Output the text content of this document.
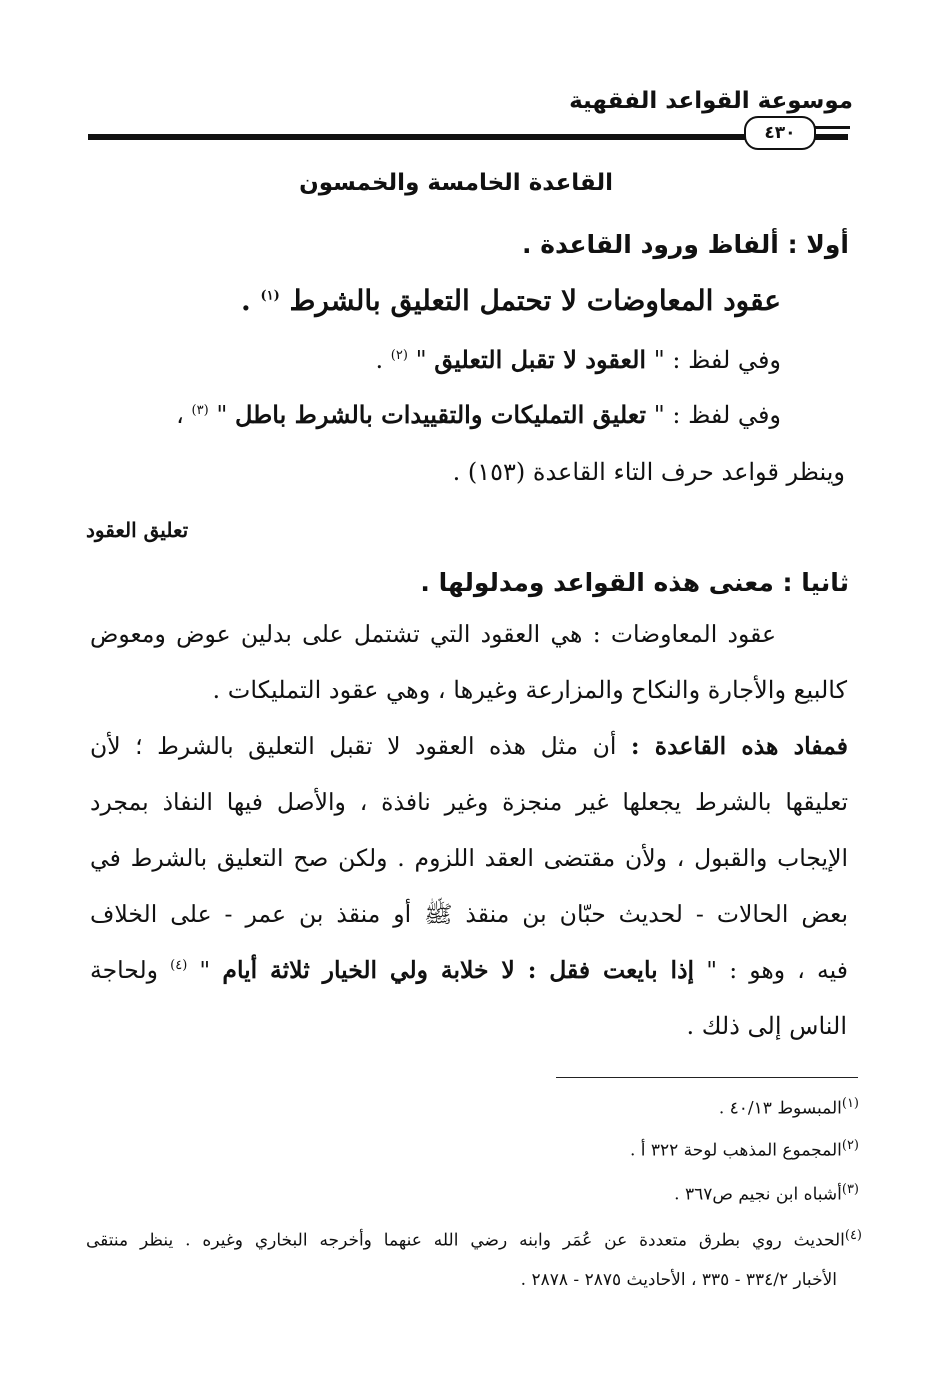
موسوعة القواعد الفقهية
٤٣٠
القاعدة الخامسة والخمسون
أولا : ألفاظ ورود القاعدة .
عقود المعاوضات لا تحتمل التعليق بالشرط $^{(١)}$ .
وفي لفظ : " العقود لا تقبل التعليق " $^{(٢)}$ .
وفي لفظ : " تعليق التمليكات والتقييدات بالشرط باطل " $^{(٣)}$ ،
وينظر قواعد حرف التاء القاعدة (١٥٣) .
تعليق العقود
ثانيا : معنى هذه القواعد ومدلولها .
عقود المعاوضات : هي العقود التي تشتمل على بدلين عوض ومعوض
كالبيع والأجارة والنكاح والمزارعة وغيرها ، وهي عقود التمليكات .
فمفاد هذه القاعدة : أن مثل هذه العقود لا تقبل التعليق بالشرط ؛ لأن
تعليقها بالشرط يجعلها غير منجزة وغير نافذة ، والأصل فيها النفاذ بمجرد
الإيجاب والقبول ، ولأن مقتضى العقد اللزوم . ولكن صح التعليق بالشرط في
بعض الحالات - لحديث حبّان بن منقذ ﷺ أو منقذ بن عمر - على الخلاف
فيه ، وهو : " إذا بايعت فقل : لا خلابة ولي الخيار ثلاثة أيام " $^{(٤)}$ ولحاجة
الناس إلى ذلك .
$^{(١)}$المبسوط ٤٠/١٣ .
$^{(٢)}$المجموع المذهب لوحة ٣٢٢ أ .
$^{(٣)}$أشباه ابن نجيم ص٣٦٧ .
$^{(٤)}$الحديث روي بطرق متعددة عن عُمَر وابنه رضي الله عنهما وأخرجه البخاري وغيره . ينظر منتقى
الأخبار ٣٣٤/٢ - ٣٣٥ ، الأحاديث ٢٨٧٥ - ٢٨٧٨ .
